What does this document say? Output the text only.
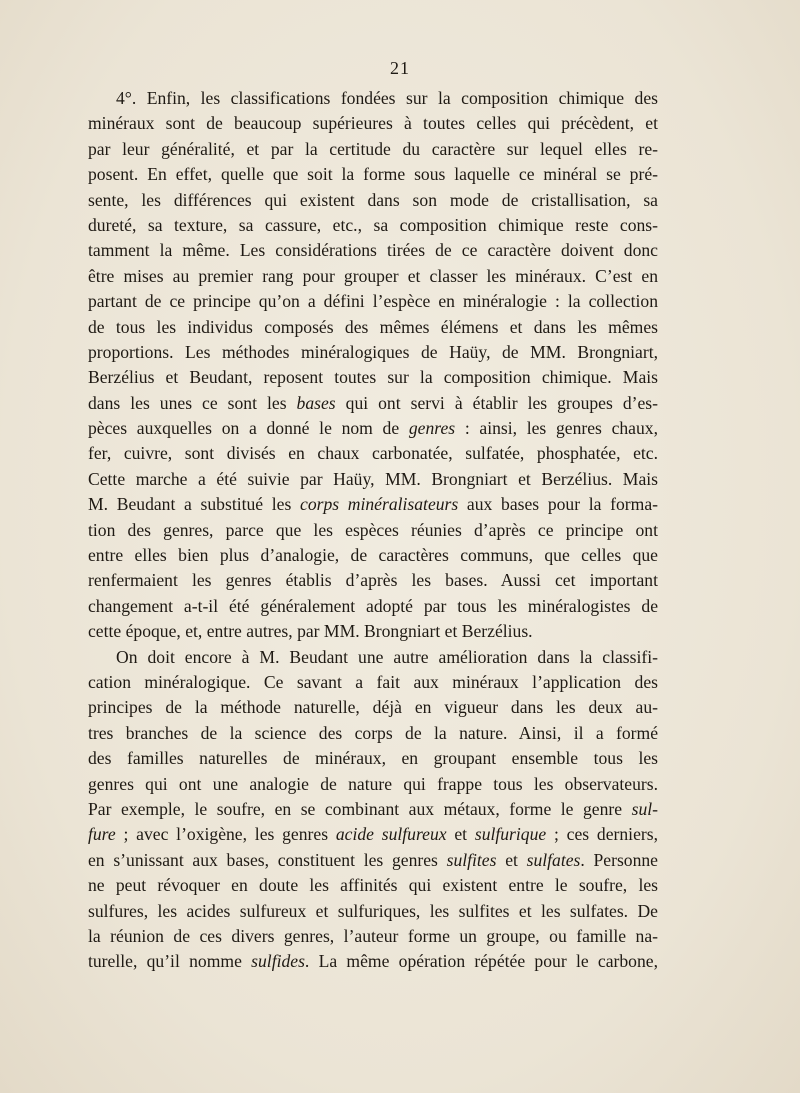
21
4°. Enfin, les classifications fondées sur la composition chimique des
minéraux sont de beaucoup supérieures à toutes celles qui précèdent, et
par leur généralité, et par la certitude du caractère sur lequel elles re-
posent. En effet, quelle que soit la forme sous laquelle ce minéral se pré-
sente, les différences qui existent dans son mode de cristallisation, sa
dureté, sa texture, sa cassure, etc., sa composition chimique reste cons-
tamment la même. Les considérations tirées de ce caractère doivent donc
être mises au premier rang pour grouper et classer les minéraux. C’est en
partant de ce principe qu’on a défini l’espèce en minéralogie : la collection
de tous les individus composés des mêmes élémens et dans les mêmes
proportions. Les méthodes minéralogiques de Haüy, de MM. Brongniart,
Berzélius et Beudant, reposent toutes sur la composition chimique. Mais
dans les unes ce sont les bases qui ont servi à établir les groupes d’es-
pèces auxquelles on a donné le nom de genres : ainsi, les genres chaux,
fer, cuivre, sont divisés en chaux carbonatée, sulfatée, phosphatée, etc.
Cette marche a été suivie par Haüy, MM. Brongniart et Berzélius. Mais
M. Beudant a substitué les corps minéralisateurs aux bases pour la forma-
tion des genres, parce que les espèces réunies d’après ce principe ont
entre elles bien plus d’analogie, de caractères communs, que celles que
renfermaient les genres établis d’après les bases. Aussi cet important
changement a-t-il été généralement adopté par tous les minéralogistes de
cette époque, et, entre autres, par MM. Brongniart et Berzélius.
On doit encore à M. Beudant une autre amélioration dans la classifi-
cation minéralogique. Ce savant a fait aux minéraux l’application des
principes de la méthode naturelle, déjà en vigueur dans les deux au-
tres branches de la science des corps de la nature. Ainsi, il a formé
des familles naturelles de minéraux, en groupant ensemble tous les
genres qui ont une analogie de nature qui frappe tous les observateurs.
Par exemple, le soufre, en se combinant aux métaux, forme le genre sul-
fure ; avec l’oxigène, les genres acide sulfureux et sulfurique ; ces derniers,
en s’unissant aux bases, constituent les genres sulfites et sulfates. Personne
ne peut révoquer en doute les affinités qui existent entre le soufre, les
sulfures, les acides sulfureux et sulfuriques, les sulfites et les sulfates. De
la réunion de ces divers genres, l’auteur forme un groupe, ou famille na-
turelle, qu’il nomme sulfides. La même opération répétée pour le carbone,
